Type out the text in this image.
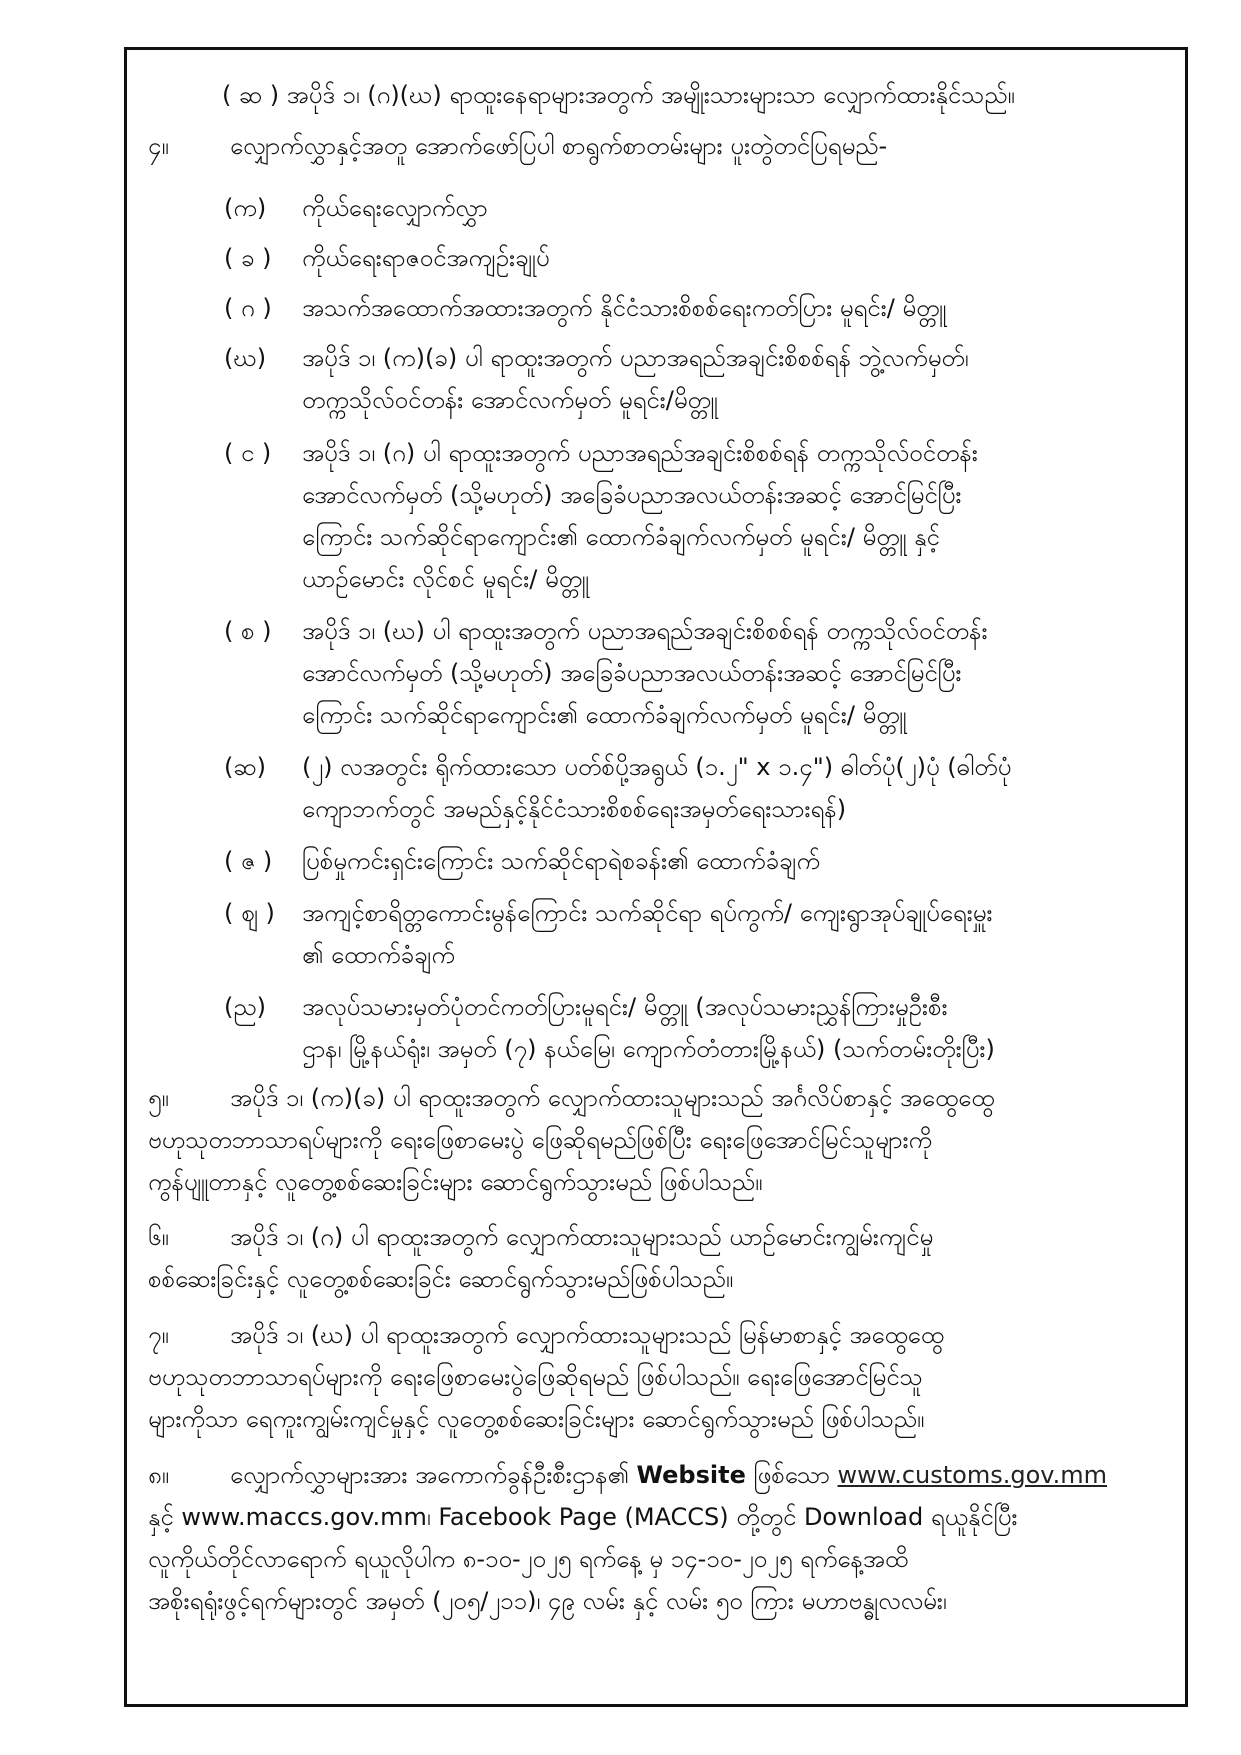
( ဆ ) အပိုဒ် ၁၊ (ဂ)(ဃ) ရာထူးနေရာများအတွက် အမျိုးသားများသာ လျှောက်ထားနိုင်သည်။
၄။	လျှောက်လွှာနှင့်အတူ အောက်ဖော်ပြပါ စာရွက်စာတမ်းများ ပူးတွဲတင်ပြရမည်-
(က) ကိုယ်ရေးလျှောက်လွှာ
( ခ ) ကိုယ်ရေးရာဇဝင်အကျဉ်းချုပ်
( ဂ ) အသက်အထောက်အထားအတွက် နိုင်ငံသားစိစစ်ရေးကတ်ပြား မူရင်း/ မိတ္တူ
(ဃ) အပိုဒ် ၁၊ (က)(ခ) ပါ ရာထူးအတွက် ပညာအရည်အချင်းစိစစ်ရန် ဘွဲ့လက်မှတ်၊
တက္ကသိုလ်ဝင်တန်း အောင်လက်မှတ် မူရင်း/မိတ္တူ
( င ) အပိုဒ် ၁၊ (ဂ) ပါ ရာထူးအတွက် ပညာအရည်အချင်းစိစစ်ရန် တက္ကသိုလ်ဝင်တန်း
အောင်လက်မှတ် (သို့မဟုတ်) အခြေခံပညာအလယ်တန်းအဆင့် အောင်မြင်ပြီး
ကြောင်း သက်ဆိုင်ရာကျောင်း၏ ထောက်ခံချက်လက်မှတ် မူရင်း/ မိတ္တူ နှင့်
ယာဉ်မောင်း လိုင်စင် မူရင်း/ မိတ္တူ
( စ ) အပိုဒ် ၁၊ (ဃ) ပါ ရာထူးအတွက် ပညာအရည်အချင်းစိစစ်ရန် တက္ကသိုလ်ဝင်တန်း
အောင်လက်မှတ် (သို့မဟုတ်) အခြေခံပညာအလယ်တန်းအဆင့် အောင်မြင်ပြီး
ကြောင်း သက်ဆိုင်ရာကျောင်း၏ ထောက်ခံချက်လက်မှတ် မူရင်း/ မိတ္တူ
(ဆ) (၂) လအတွင်း ရိုက်ထားသော ပတ်စ်ပို့အရွယ် (၁.၂" x ၁.၄") ဓါတ်ပုံ(၂)ပုံ (ဓါတ်ပုံ
ကျောဘက်တွင် အမည်နှင့်နိုင်ငံသားစိစစ်ရေးအမှတ်ရေးသားရန်)
( ဇ ) ပြစ်မှုကင်းရှင်းကြောင်း သက်ဆိုင်ရာရဲစခန်း၏ ထောက်ခံချက်
( ဈ ) အကျင့်စာရိတ္တကောင်းမွန်ကြောင်း သက်ဆိုင်ရာ ရပ်ကွက်/ ကျေးရွာအုပ်ချုပ်ရေးမှူး
၏ ထောက်ခံချက်
(ည) အလုပ်သမားမှတ်ပုံတင်ကတ်ပြားမူရင်း/ မိတ္တူ (အလုပ်သမားညွှန်ကြားမှုဦးစီး
ဌာန၊ မြို့နယ်ရုံး၊ အမှတ် (၇) နယ်မြေ၊ ကျောက်တံတားမြို့နယ်) (သက်တမ်းတိုးပြီး)
၅။	အပိုဒ် ၁၊ (က)(ခ) ပါ ရာထူးအတွက် လျှောက်ထားသူများသည် အင်္ဂလိပ်စာနှင့် အထွေထွေ
ဗဟုသုတဘာသာရပ်များကို ရေးဖြေစာမေးပွဲ ဖြေဆိုရမည်ဖြစ်ပြီး ရေးဖြေအောင်မြင်သူများကို
ကွန်ပျူတာနှင့် လူတွေ့စစ်ဆေးခြင်းများ ဆောင်ရွက်သွားမည် ဖြစ်ပါသည်။
၆။	အပိုဒ် ၁၊ (ဂ) ပါ ရာထူးအတွက် လျှောက်ထားသူများသည် ယာဉ်မောင်းကျွမ်းကျင်မှု
စစ်ဆေးခြင်းနှင့် လူတွေ့စစ်ဆေးခြင်း ဆောင်ရွက်သွားမည်ဖြစ်ပါသည်။
၇။	အပိုဒ် ၁၊ (ဃ) ပါ ရာထူးအတွက် လျှောက်ထားသူများသည် မြန်မာစာနှင့် အထွေထွေ
ဗဟုသုတဘာသာရပ်များကို ရေးဖြေစာမေးပွဲဖြေဆိုရမည် ဖြစ်ပါသည်။ ရေးဖြေအောင်မြင်သူ
များကိုသာ ရေကူးကျွမ်းကျင်မှုနှင့် လူတွေ့စစ်ဆေးခြင်းများ ဆောင်ရွက်သွားမည် ဖြစ်ပါသည်။
၈။	လျှောက်လွှာများအား အကောက်ခွန်ဦးစီးဌာန၏ Website ဖြစ်သော www.customs.gov.mm
နှင့် www.maccs.gov.mm၊ Facebook Page (MACCS) တို့တွင် Download ရယူနိုင်ပြီး
လူကိုယ်တိုင်လာရောက် ရယူလိုပါက ၈-၁၀-၂၀၂၅ ရက်နေ့ မှ ၁၄-၁၀-၂၀၂၅ ရက်နေ့အထိ
အစိုးရရုံးဖွင့်ရက်များတွင် အမှတ် (၂၀၅/၂၁၁)၊ ၄၉ လမ်း နှင့် လမ်း ၅၀ ကြား မဟာဗန္ဓုလလမ်း၊
